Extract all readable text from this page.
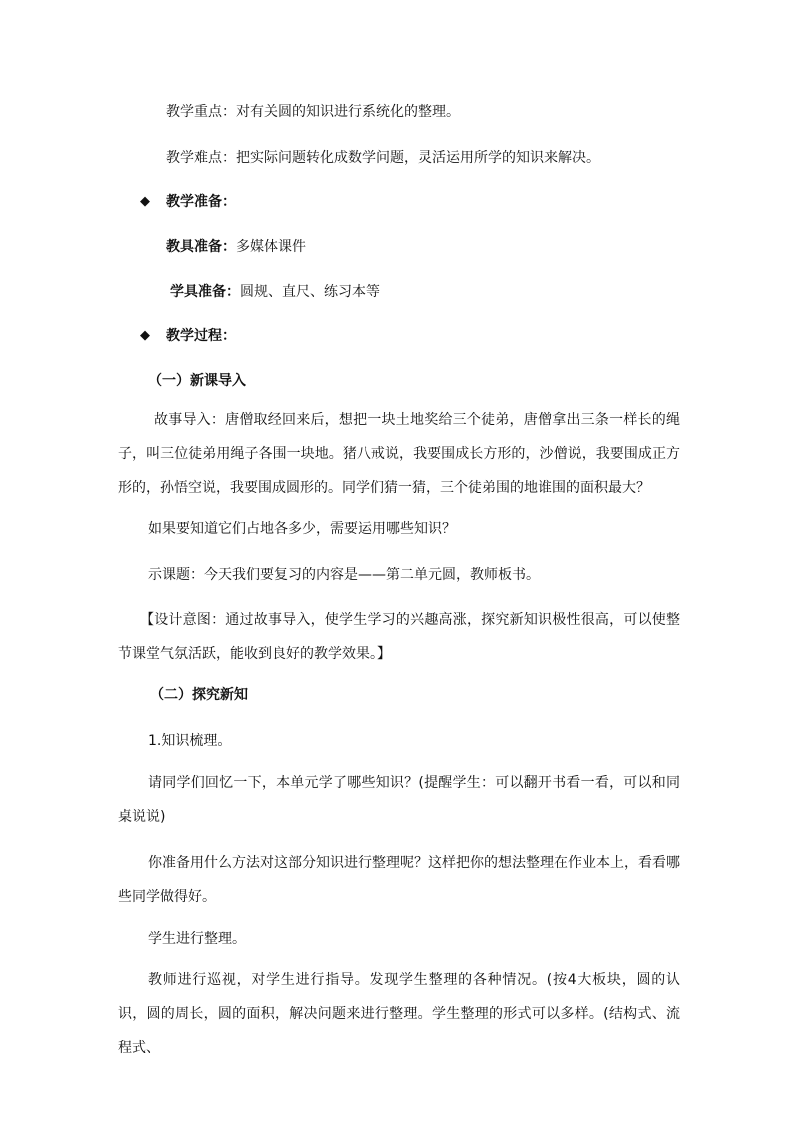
教学重点：对有关圆的知识进行系统化的整理。
教学难点：把实际问题转化成数学问题，灵活运用所学的知识来解决。
◆ 教学准备：
教具准备：多媒体课件
学具准备：圆规、直尺、练习本等
◆ 教学过程：
（一）新课导入
故事导入：唐僧取经回来后，想把一块土地奖给三个徒弟，唐僧拿出三条一样长的绳子，叫三位徒弟用绳子各围一块地。猪八戒说，我要围成长方形的，沙僧说，我要围成正方形的，孙悟空说，我要围成圆形的。同学们猜一猜，三个徒弟围的地谁围的面积最大？
如果要知道它们占地各多少，需要运用哪些知识？
示课题：今天我们要复习的内容是——第二单元圆，教师板书。
【设计意图：通过故事导入，使学生学习的兴趣高涨，探究新知识极性很高，可以使整节课堂气氛活跃，能收到良好的教学效果。】
（二）探究新知
1.知识梳理。
请同学们回忆一下，本单元学了哪些知识？(提醒学生：可以翻开书看一看，可以和同桌说说)
你准备用什么方法对这部分知识进行整理呢？这样把你的想法整理在作业本上，看看哪些同学做得好。
学生进行整理。
教师进行巡视，对学生进行指导。发现学生整理的各种情况。(按4大板块，圆的认识，圆的周长，圆的面积，解决问题来进行整理。学生整理的形式可以多样。(结构式、流程式、
